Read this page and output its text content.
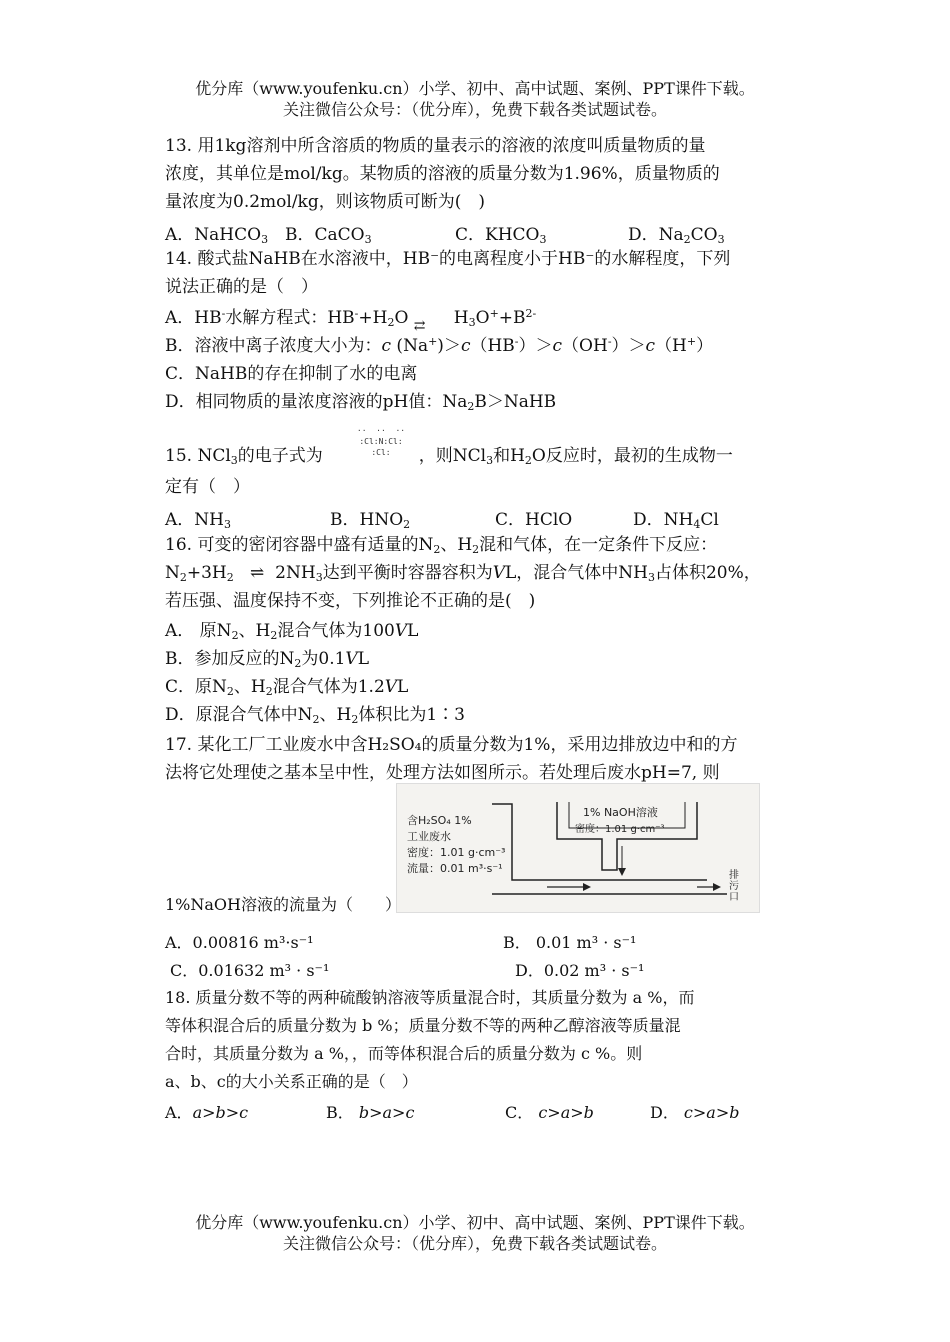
优分库（www.youfenku.cn）小学、初中、高中试题、案例、PPT课件下载。
关注微信公众号：（优分库），免费下载各类试题试卷。
13. 用1kg溶剂中所含溶质的物质的量表示的溶液的浓度叫质量物质的量
浓度，其单位是mol/kg。某物质的溶液的质量分数为1.96%，质量物质的
量浓度为0.2mol/kg，则该物质可断为(　)
A．NaHCO$_3$ B．CaCO$_3$	C．$KHCO_3$	D．$Na_2CO_3$
14. 酸式盐NaHB在水溶液中，HB⁻的电离程度小于HB⁻的水解程度，下列
说法正确的是（　）
A．HB-水解方程式：$HB^-+H_2O$ ⇄ $H_3O^++B^{2-}$
B．溶液中离子浓度大小为：c (Na+)＞c（HB-）＞c（OH-）＞c（H+）
C．NaHB的存在抑制了水的电离
D．相同物质的量浓度溶液的pH值：$Na_2B>NaHB$
··  ··  ··
:Cl:N:Cl:
:Cl:
15. NCl$_3$的电子式为	，则NCl$_3$和$H_2O$反应时，最初的生成物一
定有（　）
A．$NH_3$	B．$HNO_2$	C．HClO	D．$NH_4Cl$
16. 可变的密闭容器中盛有适量的$N_2$、$H_2$混和气体，在一定条件下反应：
$N_2+3H_2$ ⇌ $2NH_3$达到平衡时容器容积为VL，混合气体中$NH_3$占体积20%，
若压强、温度保持不变，下列推论不正确的是(　)
A． 原$N_2$、$H_2$混合气体为100VL
B．参加反应的$N_2$为0.1VL
C．原$N_2$、$H_2$混合气体为1.2VL
D．原混合气体中$N_2$、$H_2$体积比为1∶3
17. 某化工厂工业废水中含H₂SO₄的质量分数为1%，采用边排放边中和的方
法将它处理使之基本呈中性，处理方法如图所示。若处理后废水pH=7, 则
含H₂SO₄ 1%
工业废水
密度：1.01 g·cm⁻³
流量：0.01 m³·s⁻¹
1% NaOH溶液
密度：1.01 g·cm⁻³
排
污
口
1%NaOH溶液的流量为（　　）
A．0.00816 m³·s⁻¹	B． 0.01 m³ · s⁻¹
C．0.01632 m³ · s⁻¹	D．0.02 m³ · s⁻¹
18. 质量分数不等的两种硫酸钠溶液等质量混合时，其质量分数为 a %，而
等体积混合后的质量分数为 b %；质量分数不等的两种乙醇溶液等质量混
合时，其质量分数为 a %，，而等体积混合后的质量分数为 c %。则
a、b、c的大小关系正确的是（　）
A．a>b>c	B． b>a>c	C． c>a>b	D． c>a>b
优分库（www.youfenku.cn）小学、初中、高中试题、案例、PPT课件下载。
关注微信公众号：（优分库），免费下载各类试题试卷。
